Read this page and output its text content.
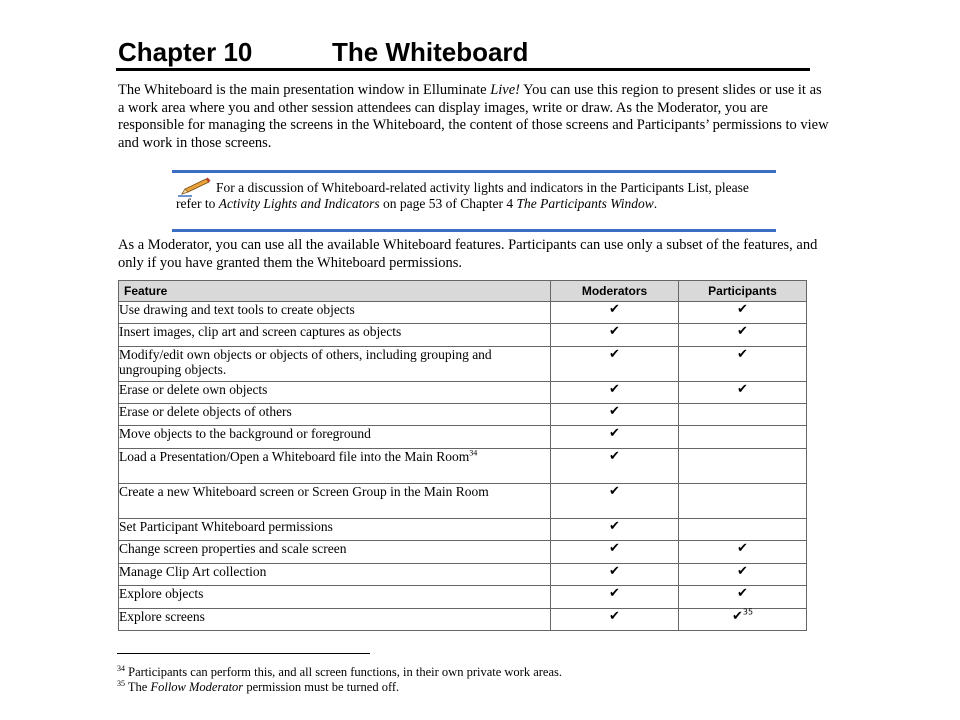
Chapter 10	The Whiteboard

The Whiteboard is the main presentation window in Elluminate Live! You can use this region to present slides or use it as a work area where you and other session attendees can display images, write or draw. As the Moderator, you are responsible for managing the screens in the Whiteboard, the content of those screens and Participants’ permissions to view and work in those screens.

For a discussion of Whiteboard-related activity lights and indicators in the Participants List, please refer to Activity Lights and Indicators on page 53 of Chapter 4 The Participants Window.

As a Moderator, you can use all the available Whiteboard features. Participants can use only a subset of the features, and only if you have granted them the Whiteboard permissions.

Feature	Moderators	Participants
Use drawing and text tools to create objects	✔	✔
Insert images, clip art and screen captures as objects	✔	✔
Modify/edit own objects or objects of others, including grouping and ungrouping objects.	✔	✔
Erase or delete own objects	✔	✔
Erase or delete objects of others	✔	
Move objects to the background or foreground	✔	
Load a Presentation/Open a Whiteboard file into the Main Room$^{34}$	✔	
Create a new Whiteboard screen or Screen Group in the Main Room	✔	
Set Participant Whiteboard permissions	✔	
Change screen properties and scale screen	✔	✔
Manage Clip Art collection	✔	✔
Explore objects	✔	✔
Explore screens	✔	✔$^{35}$
$^{34}$ Participants can perform this, and all screen functions, in their own private work areas.
$^{35}$ The Follow Moderator permission must be turned off.
